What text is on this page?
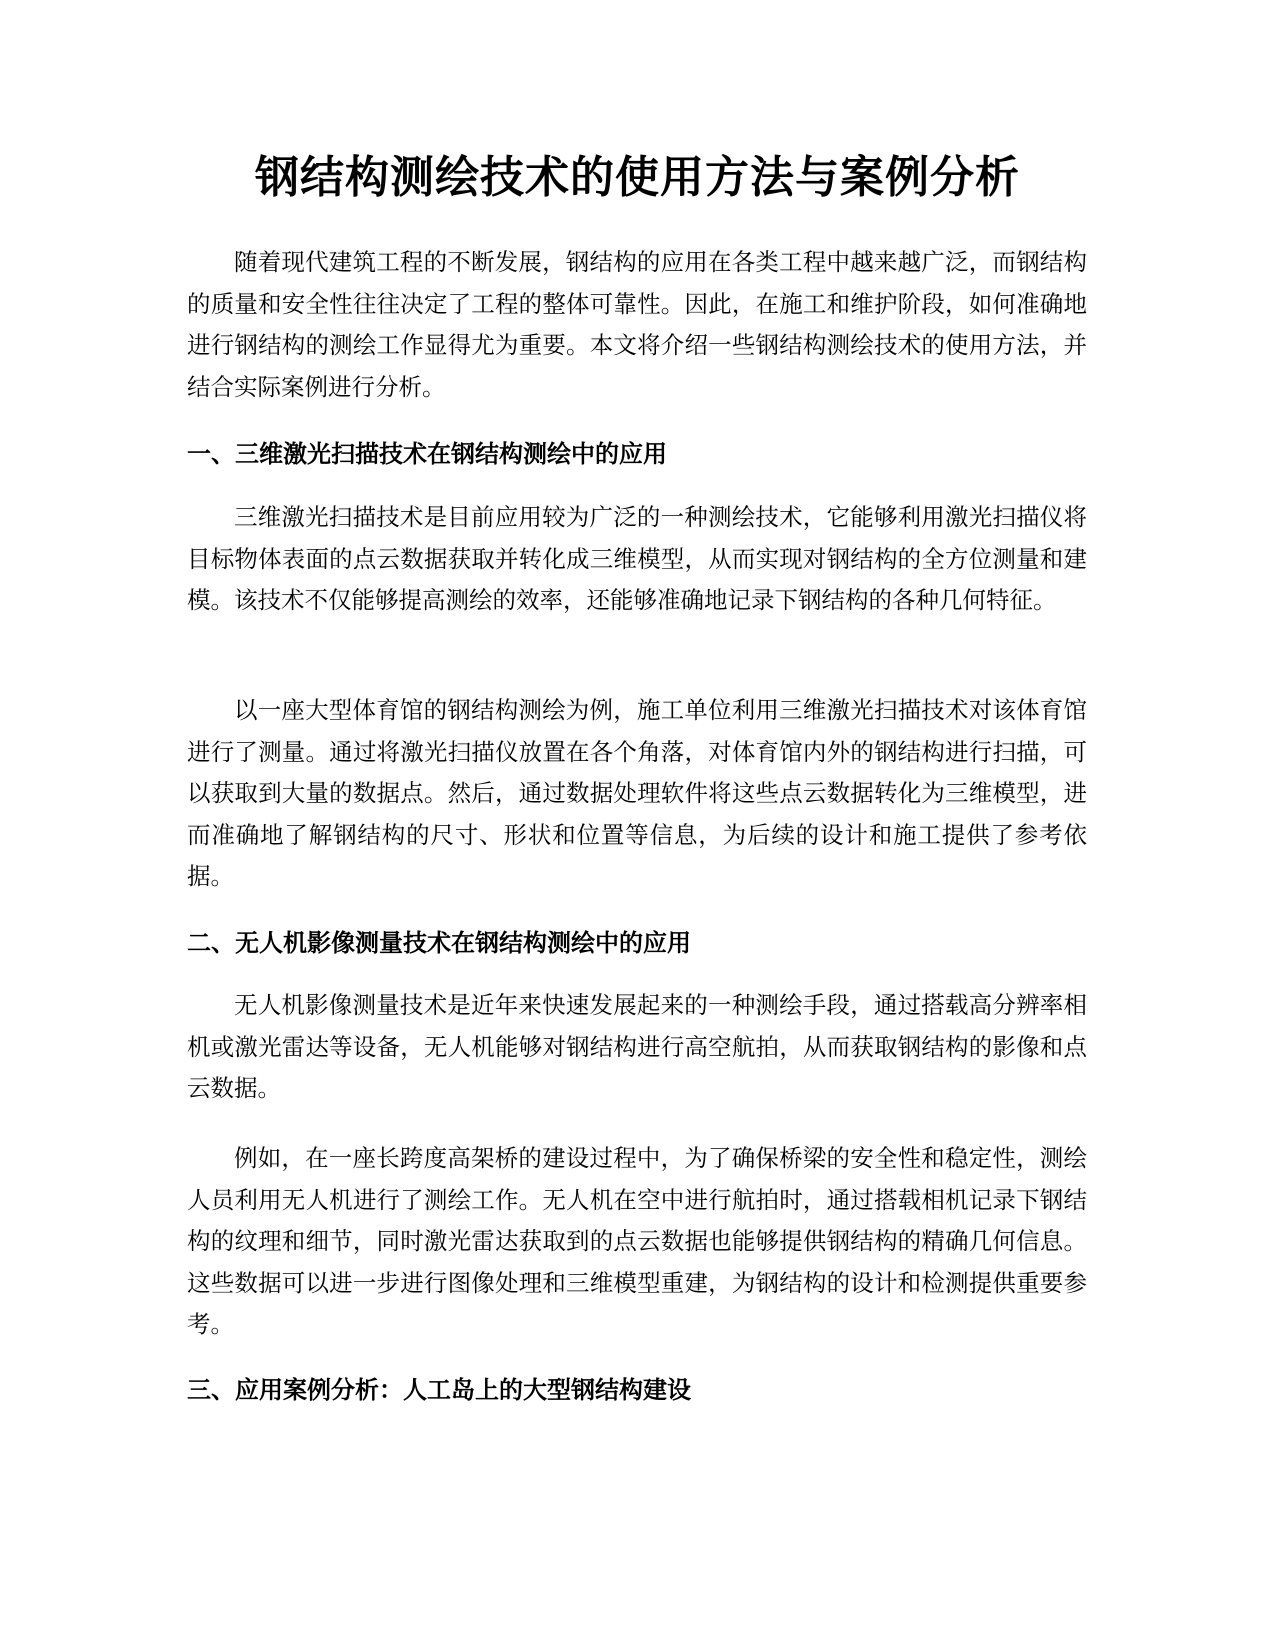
钢结构测绘技术的使用方法与案例分析

随着现代建筑工程的不断发展，钢结构的应用在各类工程中越来越广泛，而钢结构的质量和安全性往往决定了工程的整体可靠性。因此，在施工和维护阶段，如何准确地进行钢结构的测绘工作显得尤为重要。本文将介绍一些钢结构测绘技术的使用方法，并结合实际案例进行分析。

一、三维激光扫描技术在钢结构测绘中的应用

三维激光扫描技术是目前应用较为广泛的一种测绘技术，它能够利用激光扫描仪将目标物体表面的点云数据获取并转化成三维模型，从而实现对钢结构的全方位测量和建模。该技术不仅能够提高测绘的效率，还能够准确地记录下钢结构的各种几何特征。

以一座大型体育馆的钢结构测绘为例，施工单位利用三维激光扫描技术对该体育馆进行了测量。通过将激光扫描仪放置在各个角落，对体育馆内外的钢结构进行扫描，可以获取到大量的数据点。然后，通过数据处理软件将这些点云数据转化为三维模型，进而准确地了解钢结构的尺寸、形状和位置等信息，为后续的设计和施工提供了参考依据。

二、无人机影像测量技术在钢结构测绘中的应用

无人机影像测量技术是近年来快速发展起来的一种测绘手段，通过搭载高分辨率相机或激光雷达等设备，无人机能够对钢结构进行高空航拍，从而获取钢结构的影像和点云数据。

例如，在一座长跨度高架桥的建设过程中，为了确保桥梁的安全性和稳定性，测绘人员利用无人机进行了测绘工作。无人机在空中进行航拍时，通过搭载相机记录下钢结构的纹理和细节，同时激光雷达获取到的点云数据也能够提供钢结构的精确几何信息。这些数据可以进一步进行图像处理和三维模型重建，为钢结构的设计和检测提供重要参考。

三、应用案例分析：人工岛上的大型钢结构建设
